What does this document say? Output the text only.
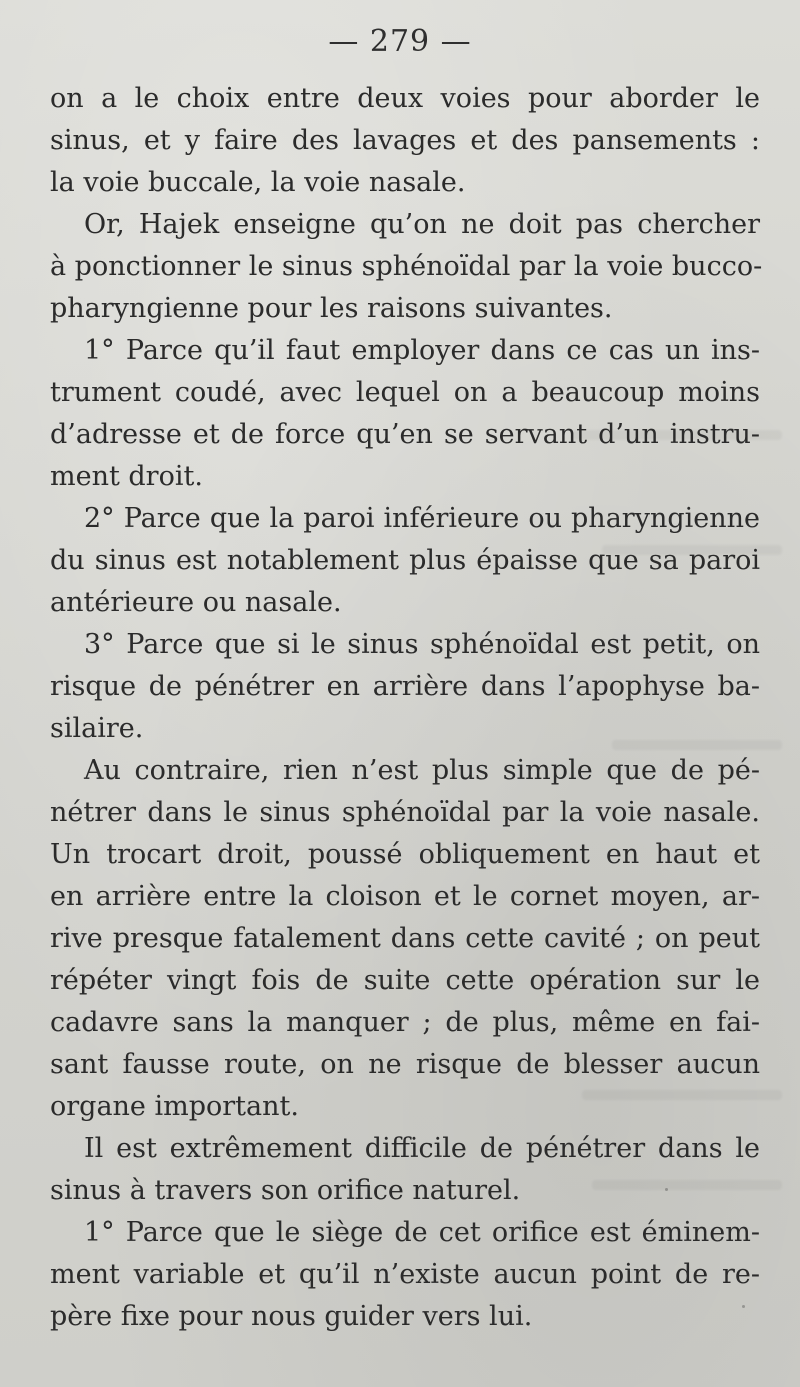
— 279 —
on a le choix entre deux voies pour aborder le
sinus, et y faire des lavages et des pansements :
la voie buccale, la voie nasale.
Or, Hajek enseigne qu’on ne doit pas chercher
à ponctionner le sinus sphénoïdal par la voie bucco-
pharyngienne pour les raisons suivantes.
1° Parce qu’il faut employer dans ce cas un ins-
trument coudé, avec lequel on a beaucoup moins
d’adresse et de force qu’en se servant d’un instru-
ment droit.
2° Parce que la paroi inférieure ou pharyngienne
du sinus est notablement plus épaisse que sa paroi
antérieure ou nasale.
3° Parce que si le sinus sphénoïdal est petit, on
risque de pénétrer en arrière dans l’apophyse ba-
silaire.
Au contraire, rien n’est plus simple que de pé-
nétrer dans le sinus sphénoïdal par la voie nasale.
Un trocart droit, poussé obliquement en haut et
en arrière entre la cloison et le cornet moyen, ar-
rive presque fatalement dans cette cavité ; on peut
répéter vingt fois de suite cette opération sur le
cadavre sans la manquer ; de plus, même en fai-
sant fausse route, on ne risque de blesser aucun
organe important.
Il est extrêmement difficile de pénétrer dans le
sinus à travers son orifice naturel.
1° Parce que le siège de cet orifice est éminem-
ment variable et qu’il n’existe aucun point de re-
père fixe pour nous guider vers lui.
